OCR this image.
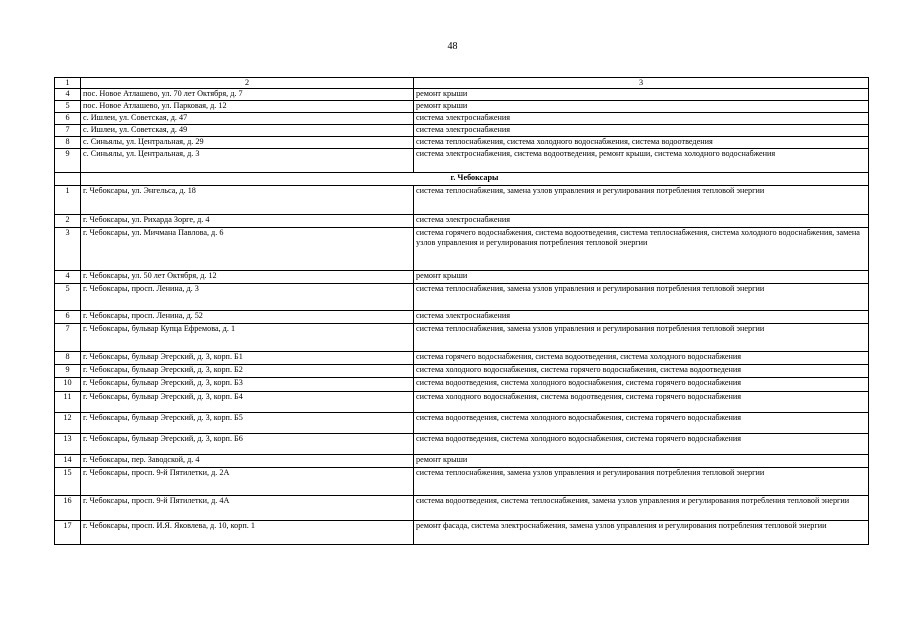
48
1	2	3
4	пос. Новое Атлашево, ул. 70 лет Октября, д. 7	ремонт крыши
5	пос. Новое Атлашево, ул. Парковая, д. 12	ремонт крыши
6	с. Ишлеи, ул. Советская, д. 47	система электроснабжения
7	с. Ишлеи, ул. Советская, д. 49	система электроснабжения
8	с. Синьялы, ул. Центральная, д. 29	система теплоснабжения, система холодного водоснабжения, система водоотведения
9	с. Синьялы, ул. Центральная, д. 3	система электроснабжения, система водоотведения, ремонт крыши, система холодного водоснабжения
	г. Чебоксары	
1	г. Чебоксары, ул. Энгельса, д. 18	система теплоснабжения, замена узлов управления и регулирования потребления тепловой энергии
2	г. Чебоксары, ул. Рихарда Зорге, д. 4	система электроснабжения
3	г. Чебоксары, ул. Мичмана Павлова, д. 6	система горячего водоснабжения, система водоотведения, система теплоснабжения, система холодного водоснабжения, замена узлов управления и регулирования потребления тепловой энергии
4	г. Чебоксары, ул. 50 лет Октября, д. 12	ремонт крыши
5	г. Чебоксары, просп. Ленина, д. 3	система теплоснабжения, замена узлов управления и регулирования потребления тепловой энергии
6	г. Чебоксары, просп. Ленина, д. 52	система электроснабжения
7	г. Чебоксары, бульвар Купца Ефремова, д. 1	система теплоснабжения, замена узлов управления и регулирования потребления тепловой энергии
8	г. Чебоксары, бульвар Эгерский, д. 3, корп. Б1	система горячего водоснабжения, система водоотведения, система холодного водоснабжения
9	г. Чебоксары, бульвар Эгерский, д. 3, корп. Б2	система холодного водоснабжения, система горячего водоснабжения, система водоотведения
10	г. Чебоксары, бульвар Эгерский, д. 3, корп. Б3	система водоотведения, система холодного водоснабжения, система горячего водоснабжения
11	г. Чебоксары, бульвар Эгерский, д. 3, корп. Б4	система холодного водоснабжения, система водоотведения, система горячего водоснабжения
12	г. Чебоксары, бульвар Эгерский, д. 3, корп. Б5	система водоотведения, система холодного водоснабжения, система горячего водоснабжения
13	г. Чебоксары, бульвар Эгерский, д. 3, корп. Б6	система водоотведения, система холодного водоснабжения, система горячего водоснабжения
14	г. Чебоксары, пер. Заводской, д. 4	ремонт крыши
15	г. Чебоксары, просп. 9-й Пятилетки, д. 2А	система теплоснабжения, замена узлов управления и регулирования потребления тепловой энергии
16	г. Чебоксары, просп. 9-й Пятилетки, д. 4А	система водоотведения, система теплоснабжения, замена узлов управления и регулирования потребления тепловой энергии
17	г. Чебоксары, просп. И.Я. Яковлева, д. 10, корп. 1	ремонт фасада, система электроснабжения, замена узлов управления и регулирования потребления тепловой энергии
